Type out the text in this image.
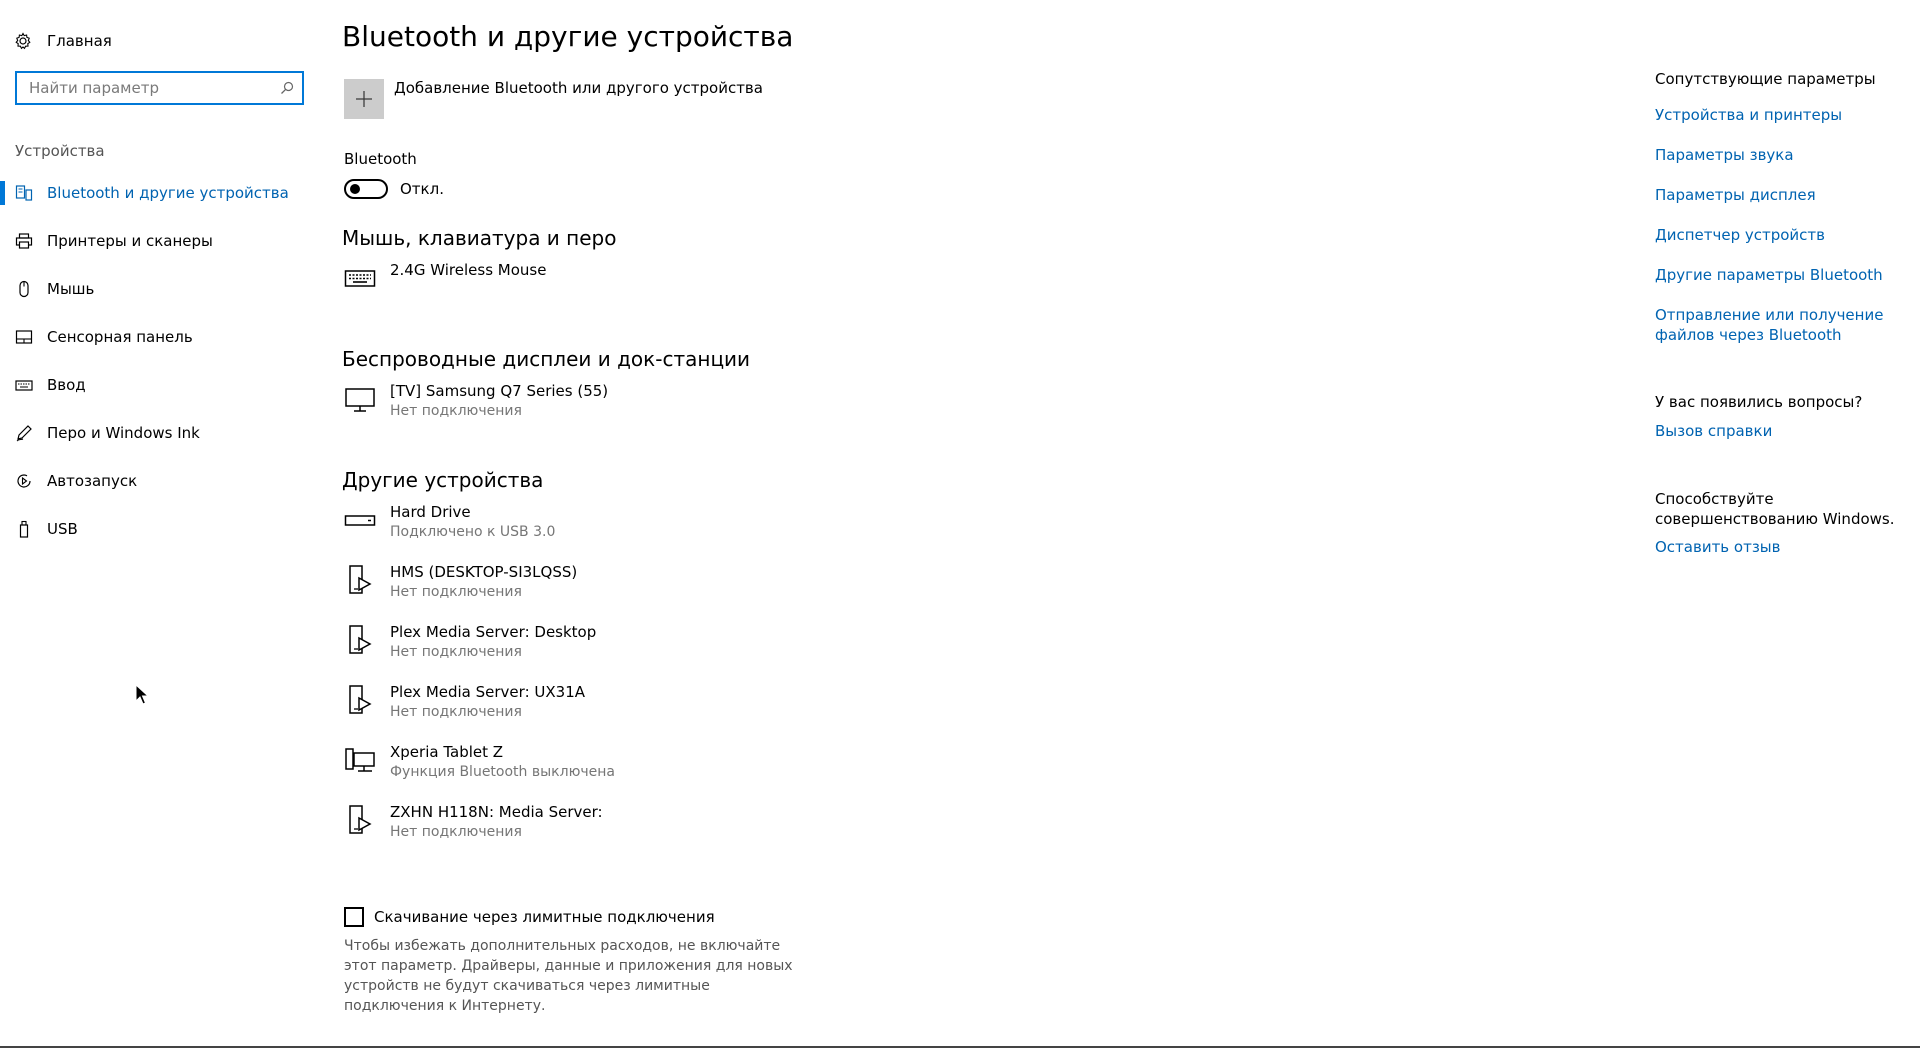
Главная
Найти параметр
Устройства
Bluetooth и другие устройства
Принтеры и сканеры
Мышь
Сенсорная панель
Ввод
Перо и Windows Ink
Автозапуск
USB
Bluetooth и другие устройства
Добавление Bluetooth или другого устройства
Bluetooth
Откл.
Мышь, клавиатура и перо
2.4G Wireless Mouse
Беспроводные дисплеи и док-станции
[TV] Samsung Q7 Series (55)
Нет подключения
Другие устройства
Hard Drive
Подключено к USB 3.0
HMS (DESKTOP-SI3LQSS)
Нет подключения
Plex Media Server: Desktop
Нет подключения
Plex Media Server: UX31A
Нет подключения
Xperia Tablet Z
Функция Bluetooth выключена
ZXHN H118N: Media Server:
Нет подключения
Скачивание через лимитные подключения
Чтобы избежать дополнительных расходов, не включайте этот параметр. Драйверы, данные и приложения для новых устройств не будут скачиваться через лимитные подключения к Интернету.
Сопутствующие параметры
Устройства и принтеры
Параметры звука
Параметры дисплея
Диспетчер устройств
Другие параметры Bluetooth
Отправление или получение
файлов через Bluetooth
У вас появились вопросы?
Вызов справки
Способствуйте
совершенствованию Windows.
Оставить отзыв
